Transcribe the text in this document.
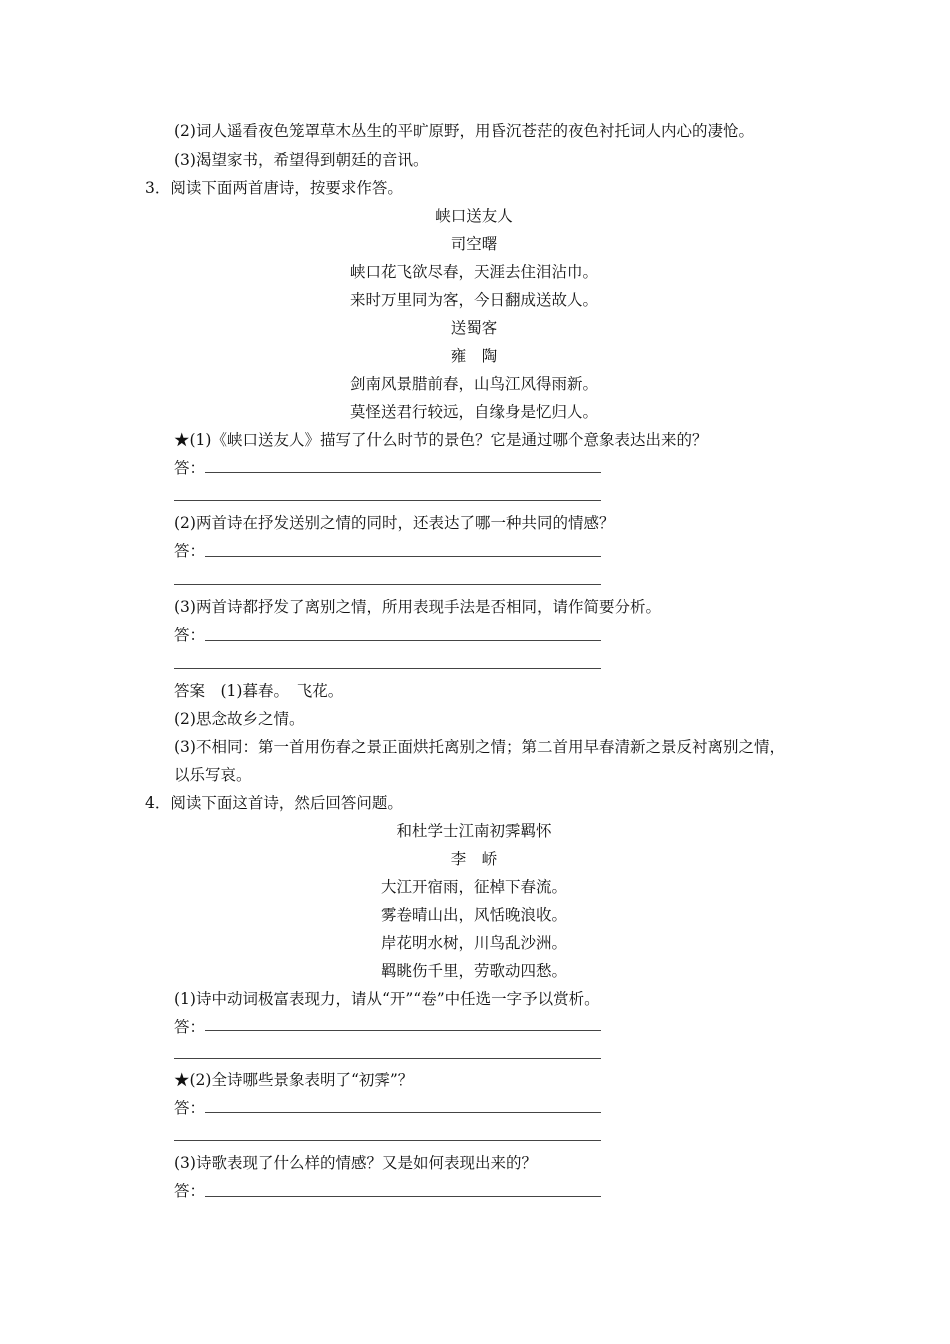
(2)词人遥看夜色笼罩草木丛生的平旷原野，用昏沉苍茫的夜色衬托词人内心的凄怆。
(3)渴望家书，希望得到朝廷的音讯。
3．阅读下面两首唐诗，按要求作答。
峡口送友人
司空曙
峡口花飞欲尽春，天涯去住泪沾巾。
来时万里同为客，今日翻成送故人。
送蜀客
雍　陶
剑南风景腊前春，山鸟江风得雨新。
莫怪送君行较远，自缘身是忆归人。
★(1)《峡口送友人》描写了什么时节的景色？它是通过哪个意象表达出来的？
答：
(2)两首诗在抒发送别之情的同时，还表达了哪一种共同的情感？
答：
(3)两首诗都抒发了离别之情，所用表现手法是否相同，请作简要分析。
答：
答案　(1)暮春。　飞花。
(2)思念故乡之情。
(3)不相同：第一首用伤春之景正面烘托离别之情；第二首用早春清新之景反衬离别之情，
以乐写哀。
4．阅读下面这首诗，然后回答问题。
和杜学士江南初霁羁怀
李　峤
大江开宿雨，征棹下春流。
雾卷晴山出，风恬晚浪收。
岸花明水树，川鸟乱沙洲。
羁眺伤千里，劳歌动四愁。
(1)诗中动词极富表现力，请从“开”“卷”中任选一字予以赏析。
答：
★(2)全诗哪些景象表明了“初霁”？
答：
(3)诗歌表现了什么样的情感？又是如何表现出来的？
答：
